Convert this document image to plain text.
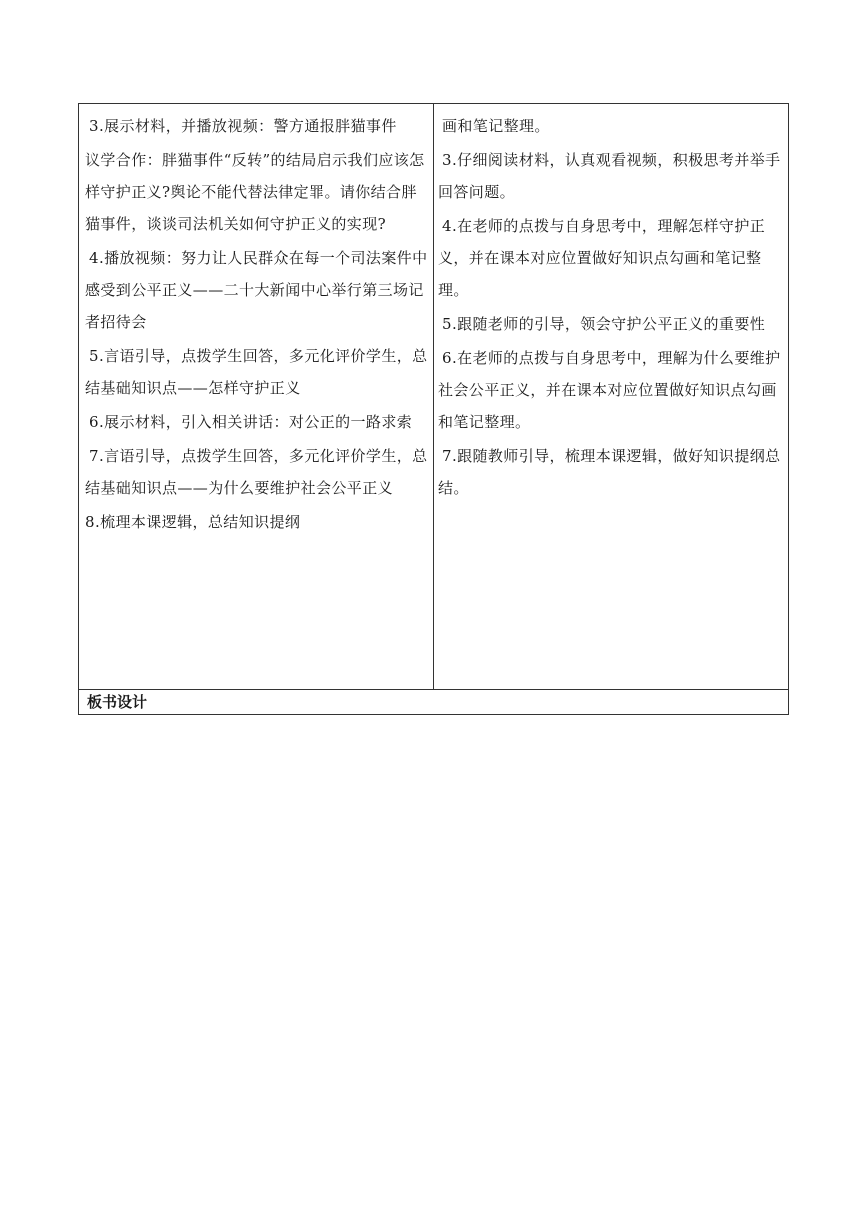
3.展示材料，并播放视频：警方通报胖猫事件

议学合作：胖猫事件“反转”的结局启示我们应该怎样守护正义?舆论不能代替法律定罪。请你结合胖猫事件，谈谈司法机关如何守护正义的实现?

4.播放视频：努力让人民群众在每一个司法案件中感受到公平正义——二十大新闻中心举行第三场记者招待会

5.言语引导，点拨学生回答，多元化评价学生，总结基础知识点——怎样守护正义

6.展示材料，引入相关讲话：对公正的一路求索

7.言语引导，点拨学生回答，多元化评价学生，总结基础知识点——为什么要维护社会公平正义

8.梳理本课逻辑，总结知识提纲

画和笔记整理。

3.仔细阅读材料，认真观看视频，积极思考并举手回答问题。

4.在老师的点拨与自身思考中，理解怎样守护正义，并在课本对应位置做好知识点勾画和笔记整理。

5.跟随老师的引导，领会守护公平正义的重要性

6.在老师的点拨与自身思考中，理解为什么要维护社会公平正义，并在课本对应位置做好知识点勾画和笔记整理。

7.跟随教师引导，梳理本课逻辑，做好知识提纲总结。

板书设计
